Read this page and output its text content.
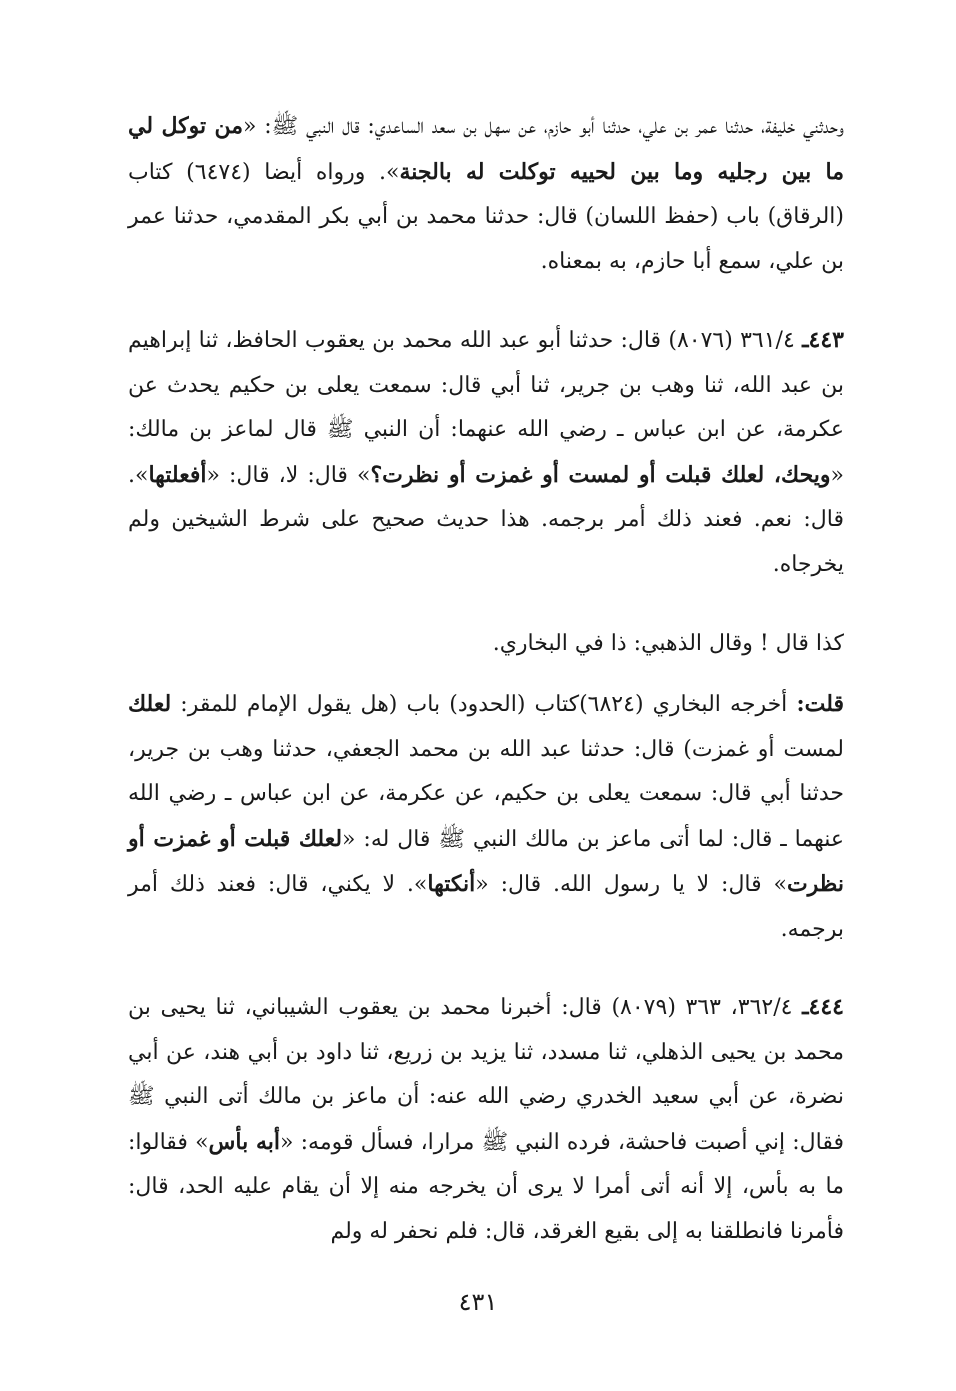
وحدثني خليفة، حدثنا عمر بن علي، حدثنا أبو حازم، عن سهل بن سعد الساعدي: قال النبي ﷺ: «من توكل لي ما بين رجليه وما بين لحييه توكلت له بالجنة». ورواه أيضا (٦٤٧٤) كتاب (الرقاق) باب (حفظ اللسان) قال: حدثنا محمد بن أبي بكر المقدمي، حدثنا عمر بن علي، سمع أبا حازم، به بمعناه.
٤٤٣ـ ٣٦١/٤ (٨٠٧٦) قال: حدثنا أبو عبد الله محمد بن يعقوب الحافظ، ثنا إبراهيم بن عبد الله، ثنا وهب بن جرير، ثنا أبي قال: سمعت يعلى بن حكيم يحدث عن عكرمة، عن ابن عباس ـ رضي الله عنهما: أن النبي ﷺ قال لماعز بن مالك: «ويحك، لعلك قبلت أو لمست أو غمزت أو نظرت؟» قال: لا، قال: «أفعلتها». قال: نعم. فعند ذلك أمر برجمه. هذا حديث صحيح على شرط الشيخين ولم يخرجاه.
كذا قال ! وقال الذهبي: ذا في البخاري.
قلت: أخرجه البخاري (٦٨٢٤)كتاب (الحدود) باب (هل يقول الإمام للمقر: لعلك لمست أو غمزت) قال: حدثنا عبد الله بن محمد الجعفي، حدثنا وهب بن جرير، حدثنا أبي قال: سمعت يعلى بن حكيم، عن عكرمة، عن ابن عباس ـ رضي الله عنهما ـ قال: لما أتى ماعز بن مالك النبي ﷺ قال له: «لعلك قبلت أو غمزت أو نظرت» قال: لا يا رسول الله. قال: «أنكتها». لا يكني، قال: فعند ذلك أمر برجمه.
٤٤٤ـ ٣٦٢/٤، ٣٦٣ (٨٠٧٩) قال: أخبرنا محمد بن يعقوب الشيباني، ثنا يحيى بن محمد بن يحيى الذهلي، ثنا مسدد، ثنا يزيد بن زريع، ثنا داود بن أبي هند، عن أبي نضرة، عن أبي سعيد الخدري رضي الله عنه: أن ماعز بن مالك أتى النبي ﷺ فقال: إني أصبت فاحشة، فرده النبي ﷺ مرارا، فسأل قومه: «أبه بأس» فقالوا: ما به بأس، إلا أنه أتى أمرا لا يرى أن يخرجه منه إلا أن يقام عليه الحد، قال: فأمرنا فانطلقنا به إلى بقيع الغرقد، قال: فلم نحفر له ولم
٤٣١
